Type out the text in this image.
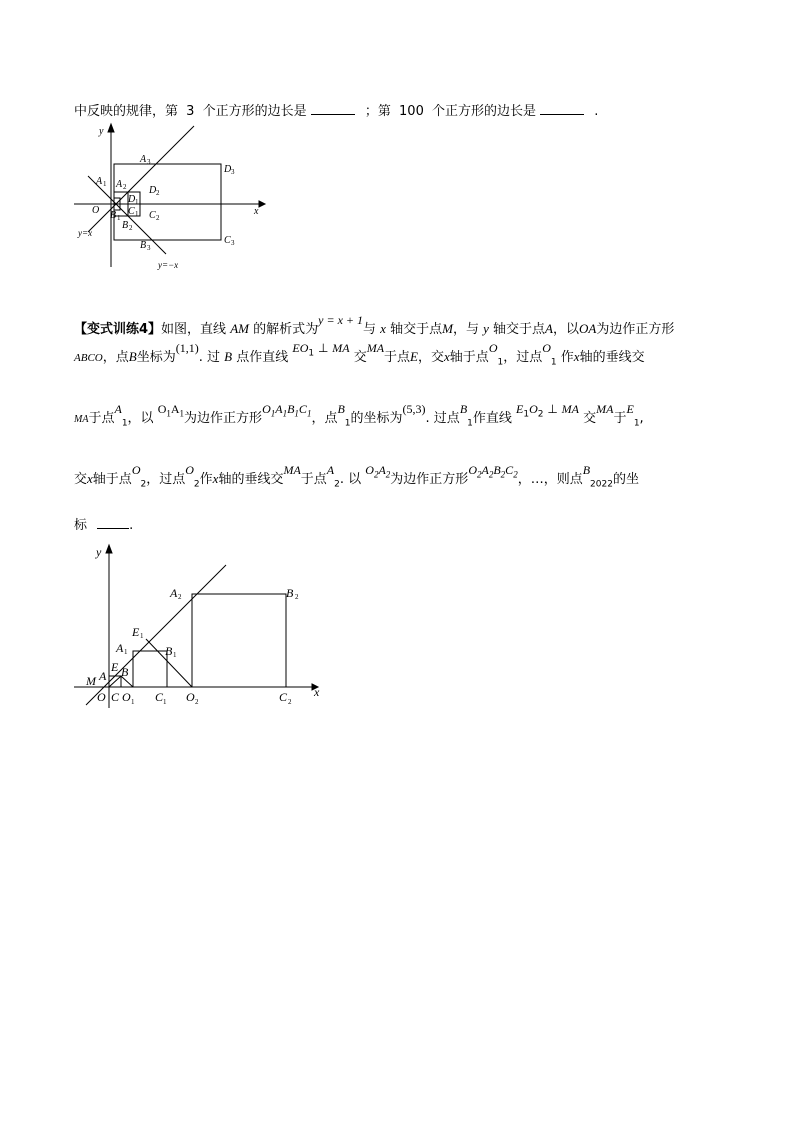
中反映的规律，第 3 个正方形的边长是	；第 100 个正方形的边长是	.
y
x
O
A 1 A 2
A 3
D 1
D 2
D 3
B 1
B 2
B 3
C 1 C 2
C 3
y=x
y=−x
【变式训练4】如图，直线 AM 的解析式为y = x + 1与 x 轴交于点M，与 y 轴交于点A，以OA为边作正方形
ABCO，点B坐标为(1,1). 过 B 点作直线 $EO_1$ ⊥ MA 交MA于点E，交x轴于点$O_1$，过点$O_1$ 作x轴的垂线交
MA于点$A_1$，以 $O_1A_1$为边作正方形$O_1A_1B_1C_1$，点$B_1$的坐标为(5,3). 过点$B_1$作直线 $E_1O_2$ ⊥ MA 交MA于$E_1$,
交x轴于点$O_2$，过点$O_2$作x轴的垂线交MA于点$A_2$. 以 $O_2A_2$为边作正方形$O_2A_2B_2C_2$，…，则点$B_{2022}$的坐
标	.
y
x
M A
E B
O C O 1
A 1
E 1
B 1
C 1 O 2
A 2	B 2
C 2
